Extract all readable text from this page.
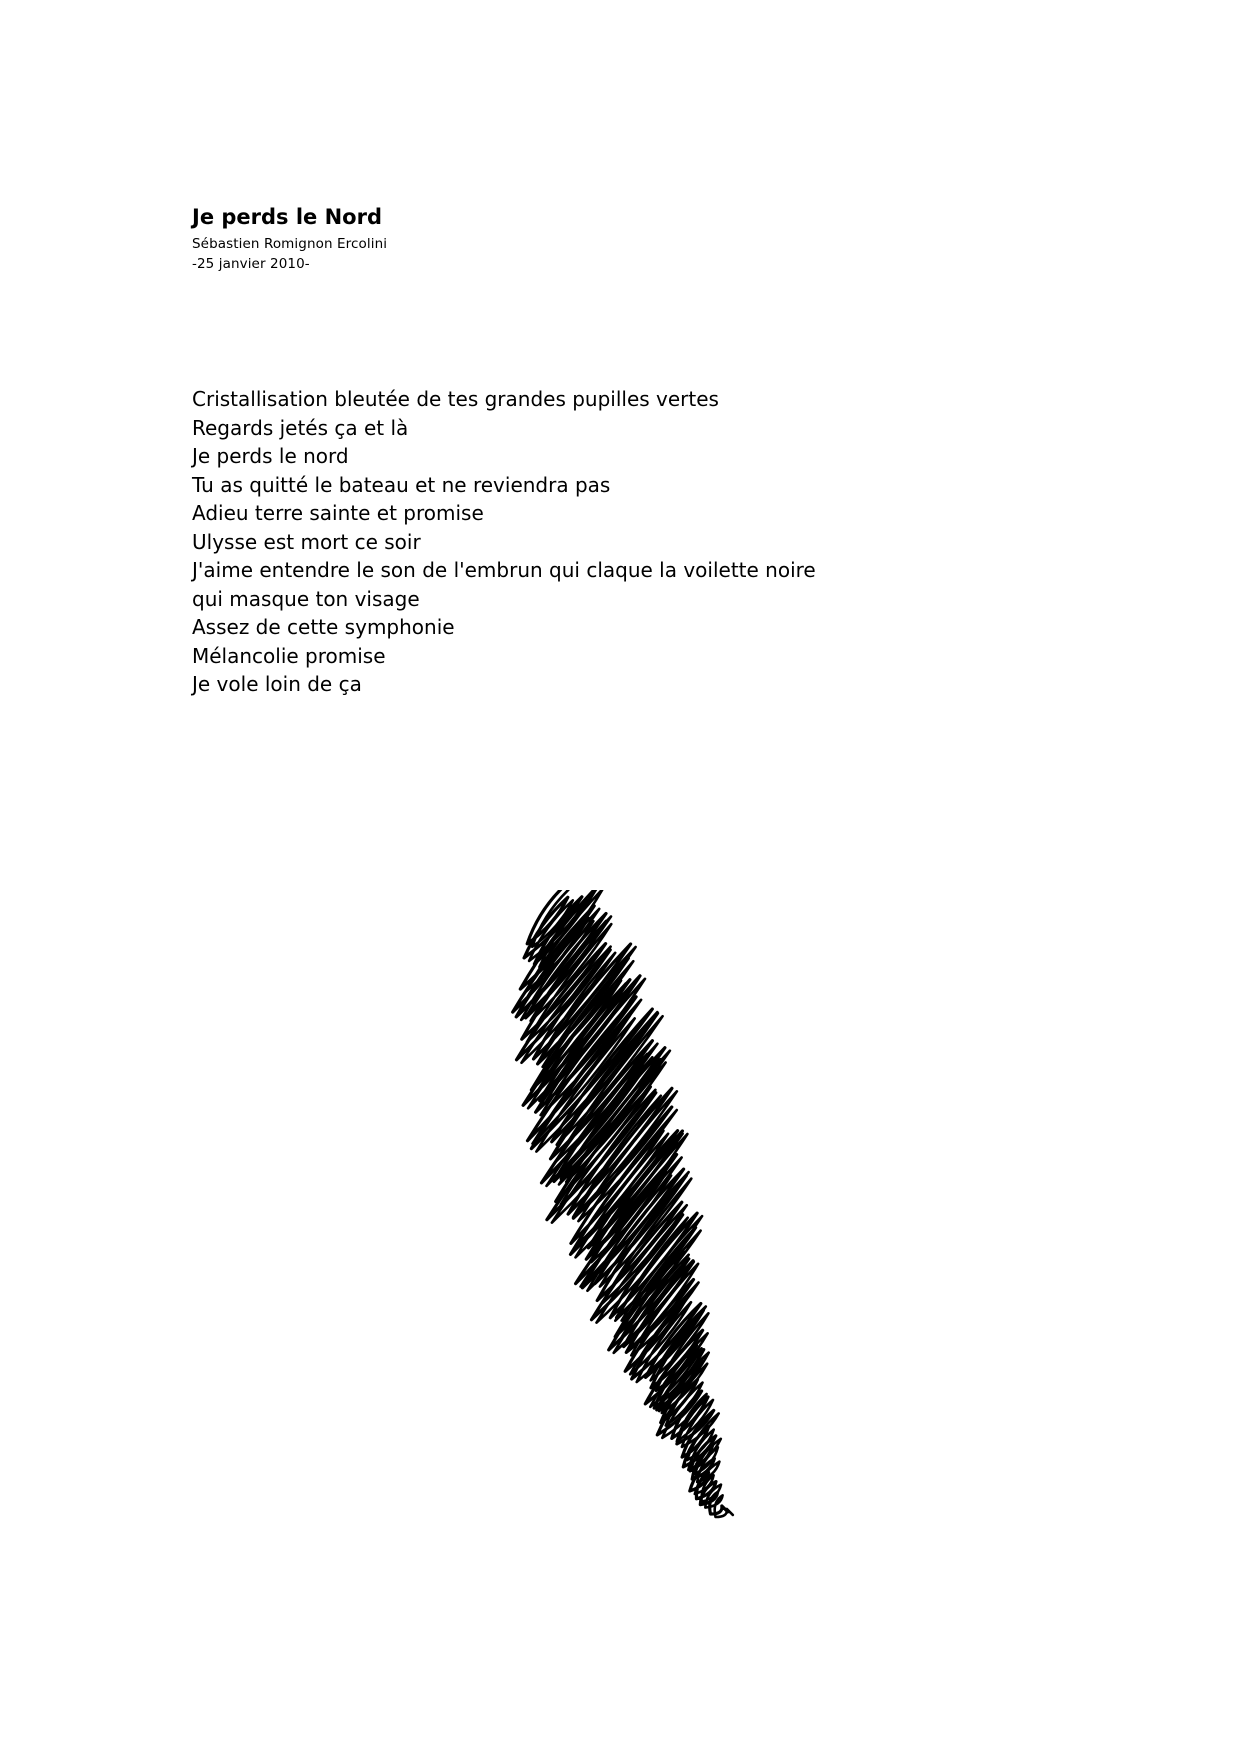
Je perds le Nord
Sébastien Romignon Ercolini
-25 janvier 2010-
Cristallisation bleutée de tes grandes pupilles vertes
Regards jetés ça et là
Je perds le nord
Tu as quitté le bateau et ne reviendra pas
Adieu terre sainte et promise
Ulysse est mort ce soir
J'aime entendre le son de l'embrun qui claque la voilette noire
qui masque ton visage
Assez de cette symphonie
Mélancolie promise
Je vole loin de ça
